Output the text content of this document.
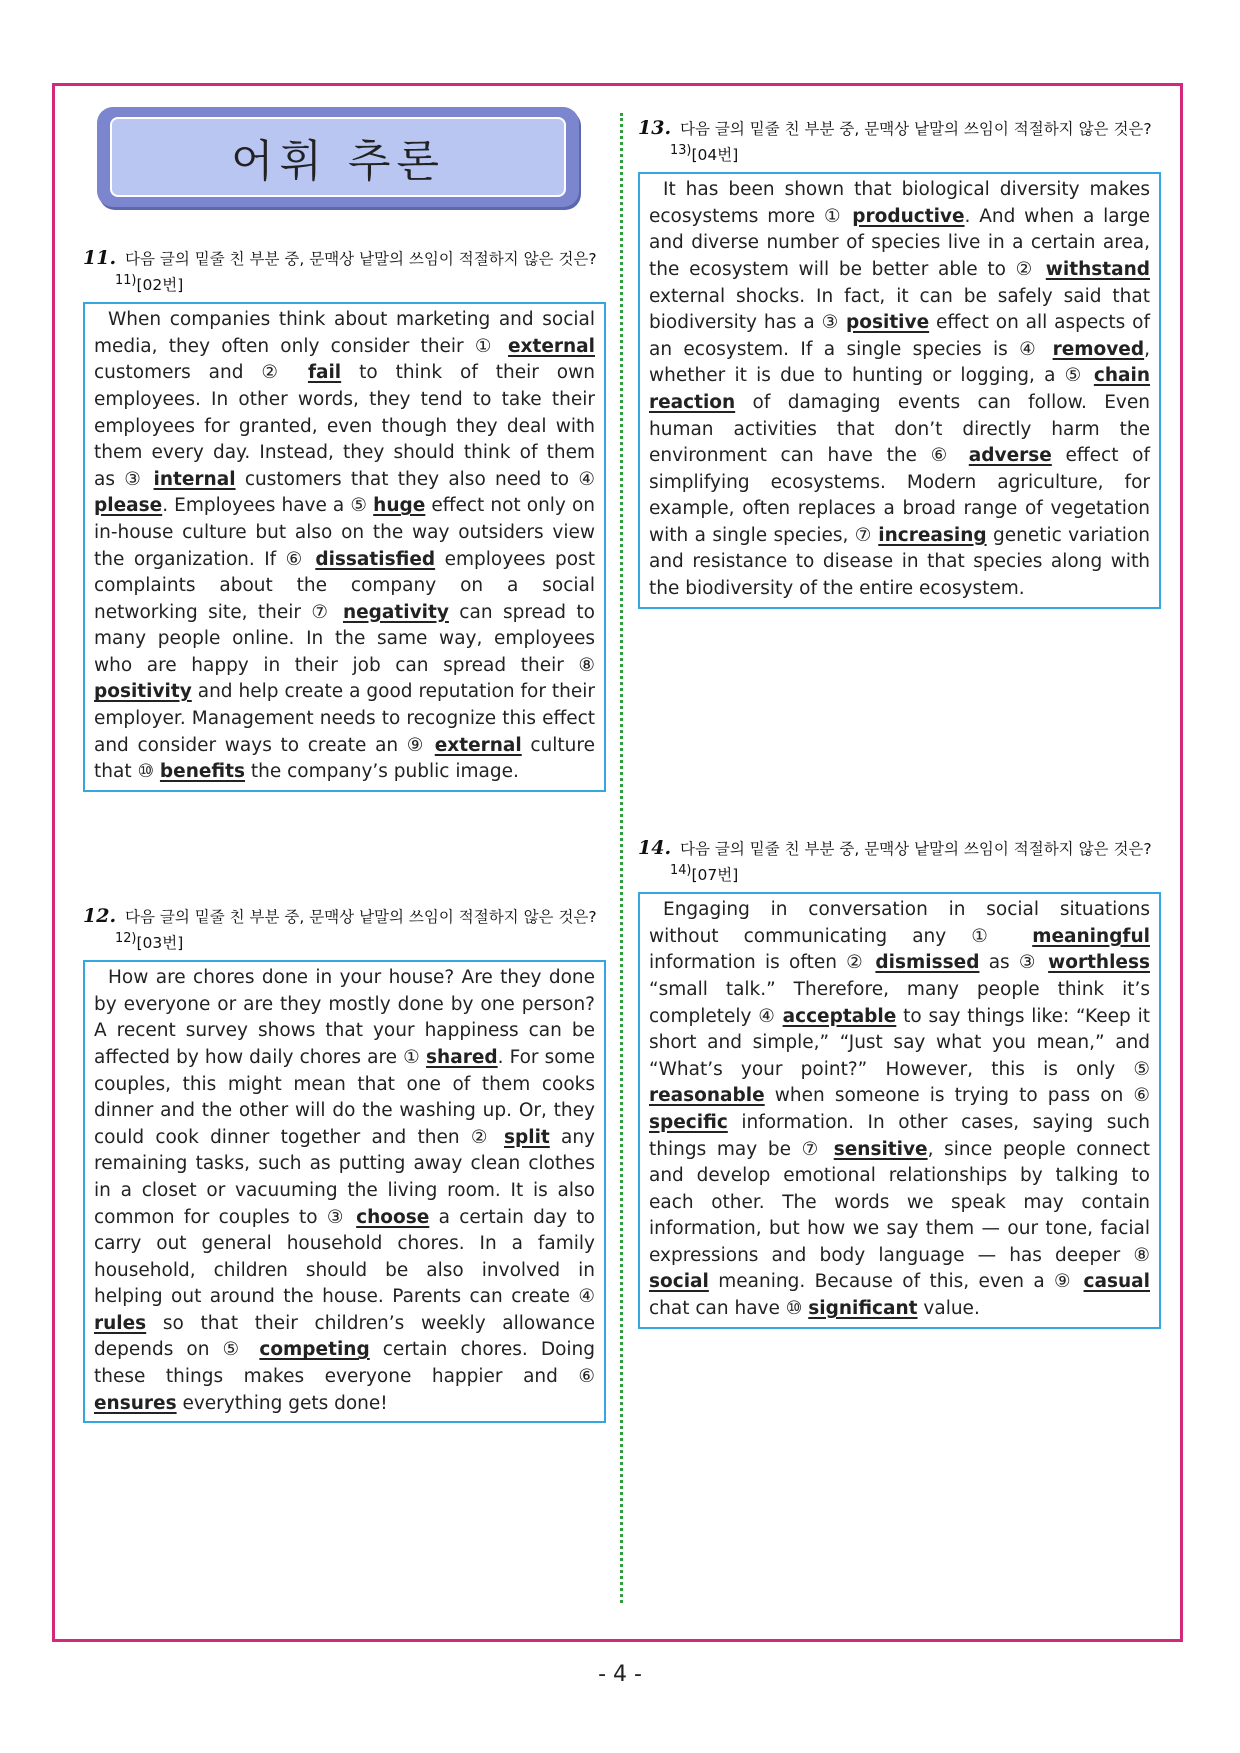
어휘 추론
11. 다음 글의 밑줄 친 부분 중, 문맥상 낱말의 쓰임이 적절하지 않은 것은?$^{11)}$[02번]

When companies think about marketing and social media, they often only consider their ① external customers and ② fail to think of their own employees. In other words, they tend to take their employees for granted, even though they deal with them every day. Instead, they should think of them as ③ internal customers that they also need to ④ please. Employees have a ⑤ huge effect not only on in-house culture but also on the way outsiders view the organization. If ⑥ dissatisfied employees post complaints about the company on a social networking site, their ⑦ negativity can spread to many people online. In the same way, employees who are happy in their job can spread their ⑧ positivity and help create a good reputation for their employer. Management needs to recognize this effect and consider ways to create an ⑨ external culture that ⑩ benefits the company’s public image.

12. 다음 글의 밑줄 친 부분 중, 문맥상 낱말의 쓰임이 적절하지 않은 것은?$^{12)}$[03번]

How are chores done in your house? Are they done by everyone or are they mostly done by one person? A recent survey shows that your happiness can be affected by how daily chores are ① shared. For some couples, this might mean that one of them cooks dinner and the other will do the washing up. Or, they could cook dinner together and then ② split any remaining tasks, such as putting away clean clothes in a closet or vacuuming the living room. It is also common for couples to ③ choose a certain day to carry out general household chores. In a family household, children should be also involved in helping out around the house. Parents can create ④ rules so that their children’s weekly allowance depends on ⑤ competing certain chores. Doing these things makes everyone happier and ⑥ ensures everything gets done!

13. 다음 글의 밑줄 친 부분 중, 문맥상 낱말의 쓰임이 적절하지 않은 것은?$^{13)}$[04번]

It has been shown that biological diversity makes ecosystems more ① productive. And when a large and diverse number of species live in a certain area, the ecosystem will be better able to ② withstand external shocks. In fact, it can be safely said that biodiversity has a ③ positive effect on all aspects of an ecosystem. If a single species is ④ removed, whether it is due to hunting or logging, a ⑤ chain reaction of damaging events can follow. Even human activities that don’t directly harm the environment can have the ⑥ adverse effect of simplifying ecosystems. Modern agriculture, for example, often replaces a broad range of vegetation with a single species, ⑦ increasing genetic variation and resistance to disease in that species along with the biodiversity of the entire ecosystem.

14. 다음 글의 밑줄 친 부분 중, 문맥상 낱말의 쓰임이 적절하지 않은 것은?$^{14)}$[07번]

Engaging in conversation in social situations without communicating any ① meaningful information is often ② dismissed as ③ worthless “small talk.” Therefore, many people think it’s completely ④ acceptable to say things like: “Keep it short and simple,” “Just say what you mean,” and “What’s your point?” However, this is only ⑤ reasonable when someone is trying to pass on ⑥ specific information. In other cases, saying such things may be ⑦ sensitive, since people connect and develop emotional relationships by talking to each other. The words we speak may contain information, but how we say them — our tone, facial expressions and body language — has deeper ⑧ social meaning. Because of this, even a ⑨ casual chat can have ⑩ significant value.

- 4 -
